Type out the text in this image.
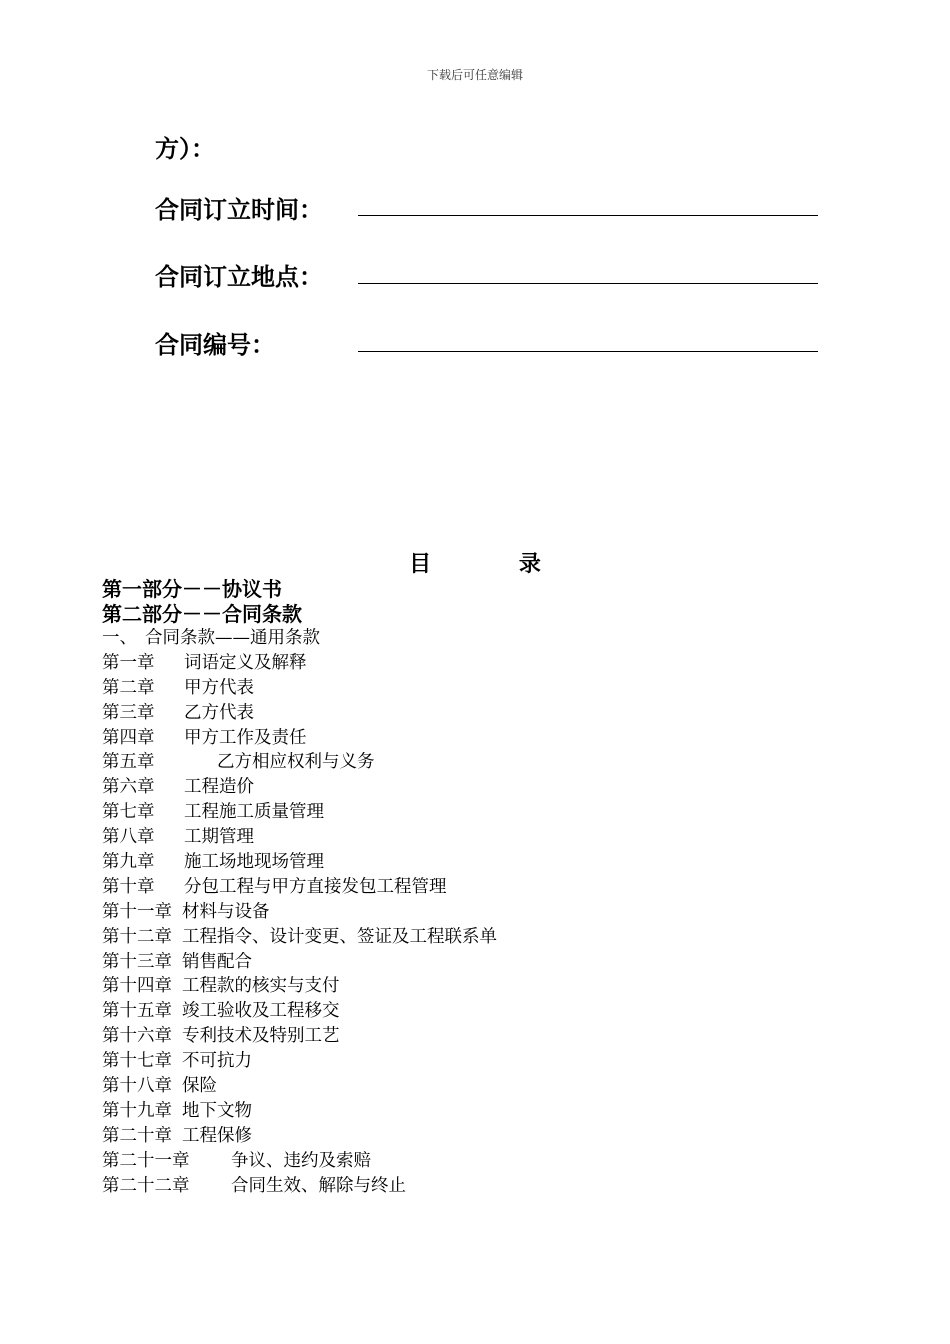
下载后可任意编辑
方）：
合同订立时间：
合同订立地点：
合同编号：
目 录
第一部分－－协议书
第二部分－－合同条款
一、 合同条款——通用条款
第一章 词语定义及解释
第二章 甲方代表
第三章 乙方代表
第四章 甲方工作及责任
第五章	乙方相应权利与义务
第六章 工程造价
第七章 工程施工质量管理
第八章 工期管理
第九章 施工场地现场管理
第十章 分包工程与甲方直接发包工程管理
第十一章 材料与设备
第十二章 工程指令、设计变更、签证及工程联系单
第十三章 销售配合
第十四章 工程款的核实与支付
第十五章 竣工验收及工程移交
第十六章 专利技术及特别工艺
第十七章 不可抗力
第十八章 保险
第十九章 地下文物
第二十章 工程保修
第二十一章 争议、违约及索赔
第二十二章 合同生效、解除与终止
